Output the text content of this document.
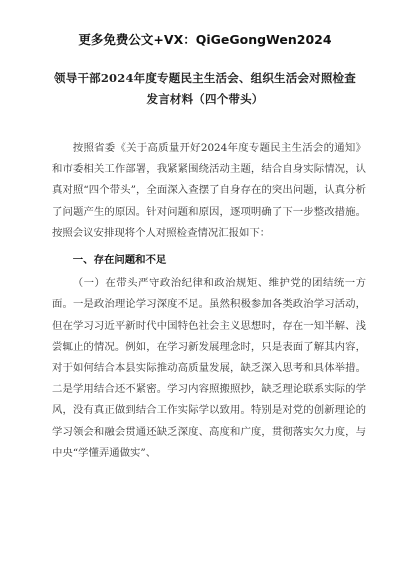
更多免费公文+VX：QiGeGongWen2024
领导干部2024年度专题民主生活会、组织生活会对照检查
发言材料（四个带头）

按照省委《关于高质量开好2024年度专题民主生活会的通知》和市委相关工作部署，我紧紧围绕活动主题，结合自身实际情况，认真对照“四个带头”，全面深入查摆了自身存在的突出问题，认真分析了问题产生的原因。针对问题和原因，逐项明确了下一步整改措施。按照会议安排现将个人对照检查情况汇报如下：

一、存在问题和不足

（一）在带头严守政治纪律和政治规矩、维护党的团结统一方面。一是政治理论学习深度不足。虽然积极参加各类政治学习活动，但在学习习近平新时代中国特色社会主义思想时，存在一知半解、浅尝辄止的情况。例如，在学习新发展理念时，只是表面了解其内容，对于如何结合本县实际推动高质量发展，缺乏深入思考和具体举措。二是学用结合还不紧密。学习内容照搬照抄，缺乏理论联系实际的学风，没有真正做到结合工作实际学以致用。特别是对党的创新理论的学习领会和融会贯通还缺乏深度、高度和广度，贯彻落实欠力度，与中央“学懂弄通做实”、
